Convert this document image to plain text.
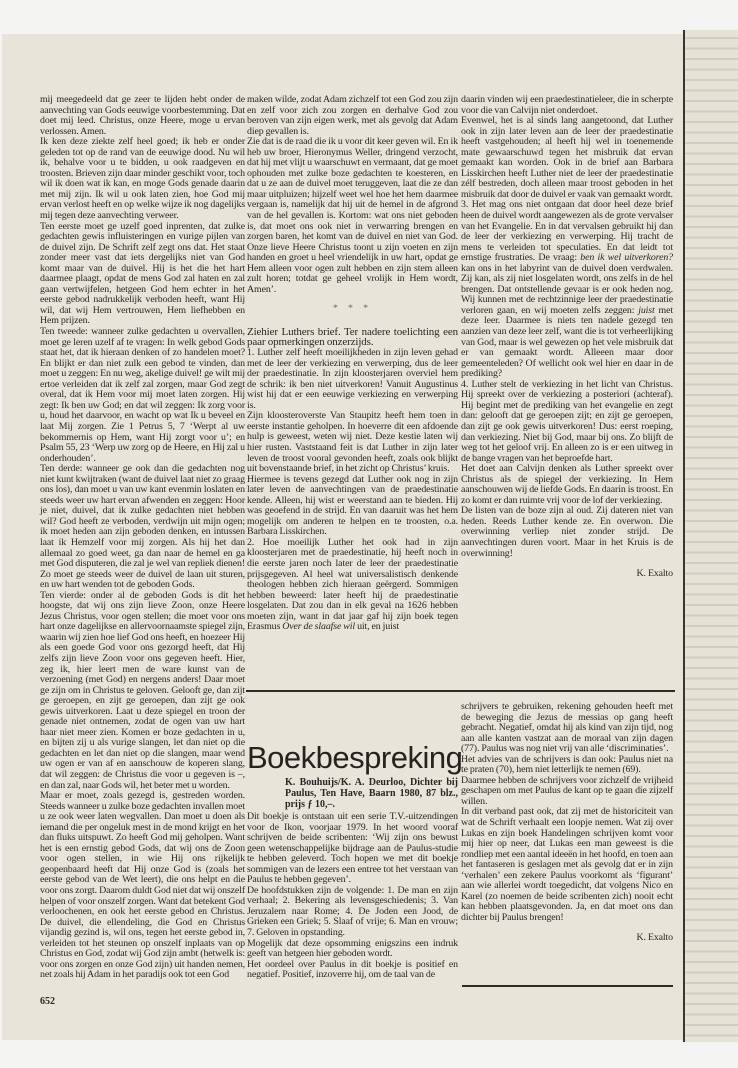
mij meegedeeld dat ge zeer te lijden hebt onder de aanvechting van Gods eeuwige voorbestemming. Dat doet mij leed. Christus, onze Heere, moge u ervan verlossen. Amen.

Ik ken deze ziekte zelf heel goed; ik heb er onder geleden tot op de rand van de eeuwige dood. Nu wil ik, behalve voor u te bidden, u ook raadgeven en troosten. Brieven zijn daar minder geschikt voor, toch wil ik doen wat ik kan, en moge Gods genade daarin met mij zijn. Ik wil u ook laten zien, hoe God mij ervan verlost heeft en op welke wijze ik nog dagelijks mij tegen deze aanvechting verweer.

Ten eerste moet ge uzelf goed inprenten, dat zulke gedachten gewis influisteringen en vurige pijlen van de duivel zijn. De Schrift zelf zegt ons dat. Het staat zonder meer vast dat iets dergelijks niet van God komt maar van de duivel. Hij is het die het hart daarmee plaagt, opdat de mens God zal haten en zal gaan vertwijfelen, hetgeen God hem echter in het eerste gebod nadrukkelijk verboden heeft, want Hij wil, dat wij Hem vertrouwen, Hem liefhebben en Hem prijzen.

Ten tweede: wanneer zulke gedachten u overvallen, moet ge leren uzelf af te vragen: In welk gebod Gods staat het, dat ik hieraan denken of zo handelen moet? En blijkt er dan niet zulk een gebod te vinden, dan moet u zeggen: En nu weg, akelige duivel! ge wilt mij ertoe verleiden dat ik zelf zal zorgen, maar God zegt overal, dat ik Hem voor mij moet laten zorgen. Hij zegt: Ik ben uw God; en dat wil zeggen: Ik zorg voor u, houd het daarvoor, en wacht op wat Ik u beveel en laat Mij zorgen. Zie 1 Petrus 5, 7 ‘Werpt al uw bekommernis op Hem, want Hij zorgt voor u’; en Psalm 55, 23 ‘Werp uw zorg op de Heere, en Hij zal u onderhouden’.

Ten derde: wanneer ge ook dan die gedachten nog niet kunt kwijtraken (want de duivel laat niet zo graag ons los), dan moet u van uw kant evenmin loslaten en steeds weer uw hart ervan afwenden en zeggen: Hoor je niet, duivel, dat ik zulke gedachten niet hebben wil? God heeft ze verboden, verdwijn uit mijn ogen; ik moet heden aan zijn geboden denken, en intussen laat ik Hemzelf voor mij zorgen. Als hij het dan allemaal zo goed weet, ga dan naar de hemel en ga met God disputeren, die zal je wel van repliek dienen! Zo moet ge steeds weer de duivel de laan uit sturen, en uw hart wenden tot de geboden Gods.

Ten vierde: onder al de geboden Gods is dit het hoogste, dat wij ons zijn lieve Zoon, onze Heere Jezus Christus, voor ogen stellen; die moet voor ons hart onze dagelijkse en allervoornaamste spiegel zijn, waarin wij zien hoe lief God ons heeft, en hoezeer Hij als een goede God voor ons gezorgd heeft, dat Hij zelfs zijn lieve Zoon voor ons gegeven heeft. Hier, zeg ik, hier leert men de ware kunst van de verzoening (met God) en nergens anders! Daar moet ge zijn om in Christus te geloven. Gelooft ge, dan zijt ge geroepen, en zijt ge geroepen, dan zijt ge ook gewis uitverkoren. Laat u deze spiegel en troon der genade niet ontnemen, zodat de ogen van uw hart haar niet meer zien. Komen er boze gedachten in u, en bijten zij u als vurige slangen, let dan niet op die gedachten en let dan niet op die slangen, maar wend uw ogen er van af en aanschouw de koperen slang, dat wil zeggen: de Christus die voor u gegeven is –, en dan zal, naar Gods wil, het beter met u worden.

Maar er moet, zoals gezegd is, gestreden worden. Steeds wanneer u zulke boze gedachten invallen moet u ze ook weer laten wegvallen. Dan moet u doen als iemand die per ongeluk mest in de mond krijgt en het dan fluks uitspuwt. Zo heeft God mij geholpen. Want het is een ernstig gebod Gods, dat wij ons de Zoon voor ogen stellen, in wie Hij ons rijkelijk geopenbaard heeft dat Hij onze God is (zoals het eerste gebod van de Wet leert), die ons helpt en die voor ons zorgt. Daarom duldt God niet dat wij onszelf helpen of voor onszelf zorgen. Want dat betekent God verloochenen, en ook het eerste gebod en Christus. De duivel, die ellendeling, die God en Christus vijandig gezind is, wil ons, tegen het eerste gebod in, verleiden tot het steunen op onszelf inplaats van op Christus en God, zodat wij God zijn ambt (hetwelk is: voor ons zorgen en onze God zijn) uit handen nemen, net zoals hij Adam in het paradijs ook tot een God

maken wilde, zodat Adam zichzelf tot een God zou zijn en zelf voor zich zou zorgen en derhalve God zou beroven van zijn eigen werk, met als gevolg dat Adam diep gevallen is.

Zie dat is de raad die ik u voor dit keer geven wil. En ik heb uw broer, Hieronymus Weller, dringend verzocht, dat hij met vlijt u waarschuwt en vermaant, dat ge moet ophouden met zulke boze gedachten te koesteren, en dat u ze aan de duivel moet teruggeven, laat die ze dan maar uitpluizen; hijzelf weet wel hoe het hem daarmee vergaan is, namelijk dat hij uit de hemel in de afgrond van de hel gevallen is. Kortom: wat ons niet geboden is, dat moet ons ook niet in verwarring brengen en zorgen baren, het komt van de duivel en niet van God. Onze lieve Heere Christus toont u zijn voeten en zijn handen en groet u heel vriendelijk in uw hart, opdat ge Hem alleen voor ogen zult hebben en zijn stem alleen zult horen; totdat ge geheel vrolijk in Hem wordt, Amen’.

* * *

Ziehier Luthers brief. Ter nadere toelichting een paar opmerkingen onzerzijds.

1. Luther zelf heeft moeilijkheden in zijn leven gehad met de leer der verkiezing en verwerping, dus de leer der praedestinatie. In zijn kloosterjaren overviel hem de schrik: ik ben niet uitverkoren! Vanuit Augustinus wist hij dat er een eeuwige verkiezing en verwerping is.

Zijn kloosteroverste Van Staupitz heeft hem toen in eerste instantie geholpen. In hoeverre dit een afdoende hulp is geweest, weten wij niet. Deze kestie laten wij hier rusten. Vaststaand feit is dat Luther in zijn later leven de troost vooral gevonden heeft, zoals ook blijkt uit bovenstaande brief, in het zicht op Christus’ kruis.

Hiermee is tevens gezegd dat Luther ook nog in zijn later leven de aanvechtingen van de praedestinatie kende. Alleen, hij wist er weerstand aan te bieden. Hij was geoefend in de strijd. En van daaruit was het hem mogelijk om anderen te helpen en te troosten, o.a. Barbara Lisskirchen.

2. Hoe moeilijk Luther het ook had in zijn kloosterjaren met de praedestinatie, hij heeft noch in die eerste jaren noch later de leer der praedestinatie prijsgegeven. Al heel wat universalistisch denkende theologen hebben zich hieraan geërgerd. Sommigen hebben beweerd: later heeft hij de praedestinatie losgelaten. Dat zou dan in elk geval na 1626 hebben moeten zijn, want in dat jaar gaf hij zijn boek tegen Erasmus Over de slaafse wil uit, en juist

daarin vinden wij een praedestinatieleer, die in scherpte voor die van Calvijn niet onderdoet.

Evenwel, het is al sinds lang aangetoond, dat Luther ook in zijn later leven aan de leer der praedestinatie heeft vastgehouden; al heeft hij wel in toenemende mate gewaarschuwd tegen het misbruik dat ervan gemaakt kan worden. Ook in de brief aan Barbara Lisskirchen heeft Luther niet de leer der praedestinatie zélf bestreden, doch alleen maar troost geboden in het misbruik dat door de duivel er vaak van gemaakt wordt.

3. Het mag ons niet ontgaan dat door heel deze brief heen de duivel wordt aangewezen als de grote vervalser van het Evangelie. En in dat vervalsen gebruikt hij dan de leer der verkiezing en verwerping. Hij tracht de mens te verleiden tot speculaties. En dat leidt tot ernstige frustraties. De vraag: ben ik wel uitverkoren? kan ons in het labyrint van de duivel doen verdwalen. Zij kan, als zij niet losgelaten wordt, ons zelfs in de hel brengen. Dat ontstellende gevaar is er ook heden nog. Wij kunnen met de rechtzinnige leer der praedestinatie verloren gaan, en wij moeten zelfs zeggen: juist met deze leer. Daarmee is niets ten nadele gezegd ten aanzien van deze leer zelf, want die is tot verheerlijking van God, maar is wel gewezen op het vele misbruik dat er van gemaakt wordt. Alleeen maar door gemeenteleden? Of wellicht ook wel hier en daar in de prediking?

4. Luther stelt de verkiezing in het licht van Christus. Hij spreekt over de verkiezing a posteriori (achteraf). Hij begint met de prediking van het evangelie en zegt dan: gelooft dat ge geroepen zijt; en zijt ge geroepen, dan zijt ge ook gewis uitverkoren! Dus: eerst roeping, dan verkiezing. Niet bij God, maar bij ons. Zo blijft de weg tot het geloof vrij. En alleen zo is er een uitweg in de bange vragen van het beproefde hart.

Het doet aan Calvijn denken als Luther spreekt over Christus als de spiegel der verkiezing. In Hem aanschouwen wij de liefde Gods. En daarin is troost. En zo komt er dan ruimte vrij voor de lof der verkiezing.

De listen van de boze zijn al oud. Zij dateren niet van heden. Reeds Luther kende ze. En overwon. Die overwinning verliep niet zonder strijd. De aanvechtingen duren voort. Maar in het Kruis is de overwinning!

K. Exalto

Boekbespreking
K. Bouhuijs/K. A. Deurloo, Dichter bij Paulus, Ten Have, Baarn 1980, 87 blz., prijs ƒ 10,–.

Dit boekje is ontstaan uit een serie T.V.-uitzendingen voor de Ikon, voorjaar 1979. In het woord vooraf schrijven de beide scribenten: ‘Wij zijn ons bewust geen wetenschappelijke bijdrage aan de Paulus-studie te hebben geleverd. Toch hopen we met dit boekje sommigen van de lezers een entree tot het verstaan van Paulus te hebben gegeven’.

De hoofdstukken zijn de volgende: 1. De man en zijn verhaal; 2. Bekering als levensgeschiedenis; 3. Van Jeruzalem naar Rome; 4. De Joden een Jood, de Grieken een Griek; 5. Slaaf of vrije; 6. Man en vrouw; 7. Geloven in opstanding.

Mogelijk dat deze opsomming enigszins een indruk geeft van hetgeen hier geboden wordt.

Het oordeel over Paulus in dit boekje is positief en negatief. Positief, inzoverre hij, om de taal van de

schrijvers te gebruiken, rekening gehouden heeft met de beweging die Jezus de messias op gang heeft gebracht. Negatief, omdat hij als kind van zijn tijd, nog aan alle kanten vastzat aan de moraal van zijn dagen (77). Paulus was nog niet vrij van alle ‘discriminaties’.

Het advies van de schrijvers is dan ook: Paulus niet na te praten (70), hem niet letterlijk te nemen (69).

Daarmee hebben de schrijvers voor zichzelf de vrijheid geschapen om met Paulus de kant op te gaan die zijzelf willen.

In dit verband past ook, dat zij met de historiciteit van wat de Schrift verhaalt een loopje nemen. Wat zij over Lukas en zijn boek Handelingen schrijven komt voor mij hier op neer, dat Lukas een man geweest is die rondliep met een aantal ideeën in het hoofd, en toen aan het fantaseren is geslagen met als gevolg dat er in zijn ‘verhalen’ een zekere Paulus voorkomt als ‘figurant’ aan wie allerlei wordt toegedicht, dat volgens Nico en Karel (zo noemen de beide scribenten zich) nooit echt kan hebben plaatsgevonden. Ja, en dat moet ons dan dichter bij Paulus brengen!

K. Exalto

652
